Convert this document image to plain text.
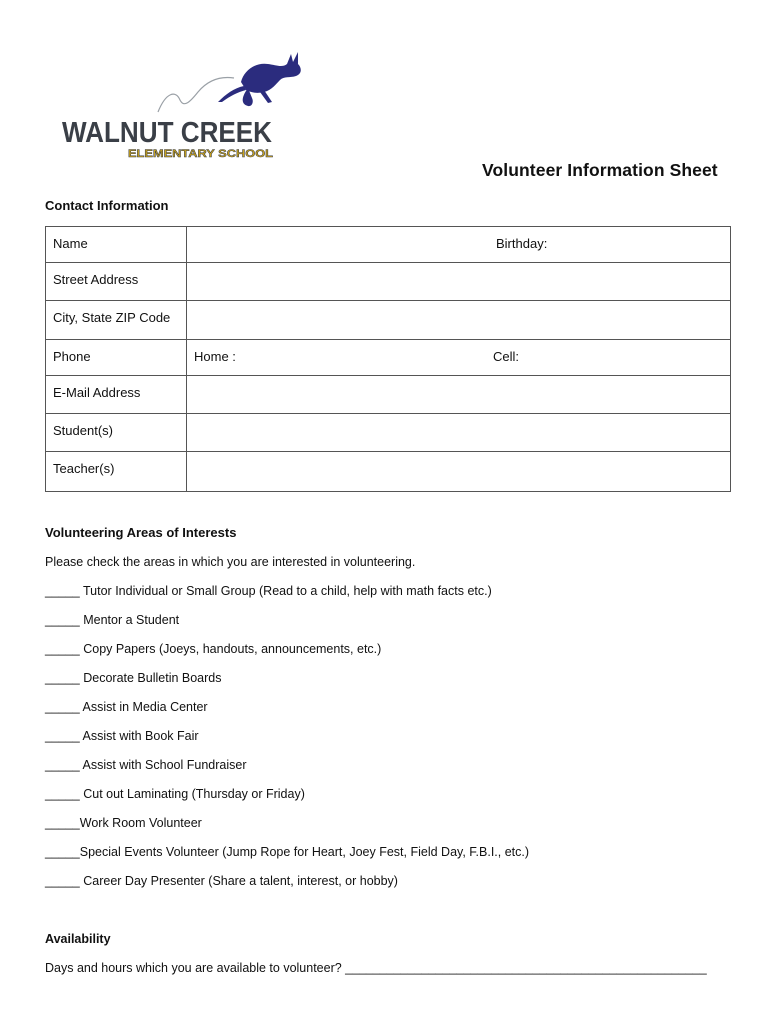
WALNUT CREEK
ELEMENTARY SCHOOL
Volunteer Information Sheet
Contact Information
Name	Birthday:

Street Address	
City, State ZIP Code	
Phone	Home : Cell:

E-Mail Address	
Student(s)	
Teacher(s)	
Volunteering Areas of Interests
Please check the areas in which you are interested in volunteering.
_____ Tutor Individual or Small Group (Read to a child, help with math facts etc.)
_____ Mentor a Student
_____ Copy Papers (Joeys, handouts, announcements, etc.)
_____ Decorate Bulletin Boards
_____ Assist in Media Center
_____ Assist with Book Fair
_____ Assist with School Fundraiser
_____ Cut out Laminating (Thursday or Friday)
_____Work Room Volunteer
_____Special Events Volunteer (Jump Rope for Heart, Joey Fest, Field Day, F.B.I., etc.)
_____ Career Day Presenter (Share a talent, interest, or hobby)
Availability
Days and hours which you are available to volunteer? ____________________________________________________
